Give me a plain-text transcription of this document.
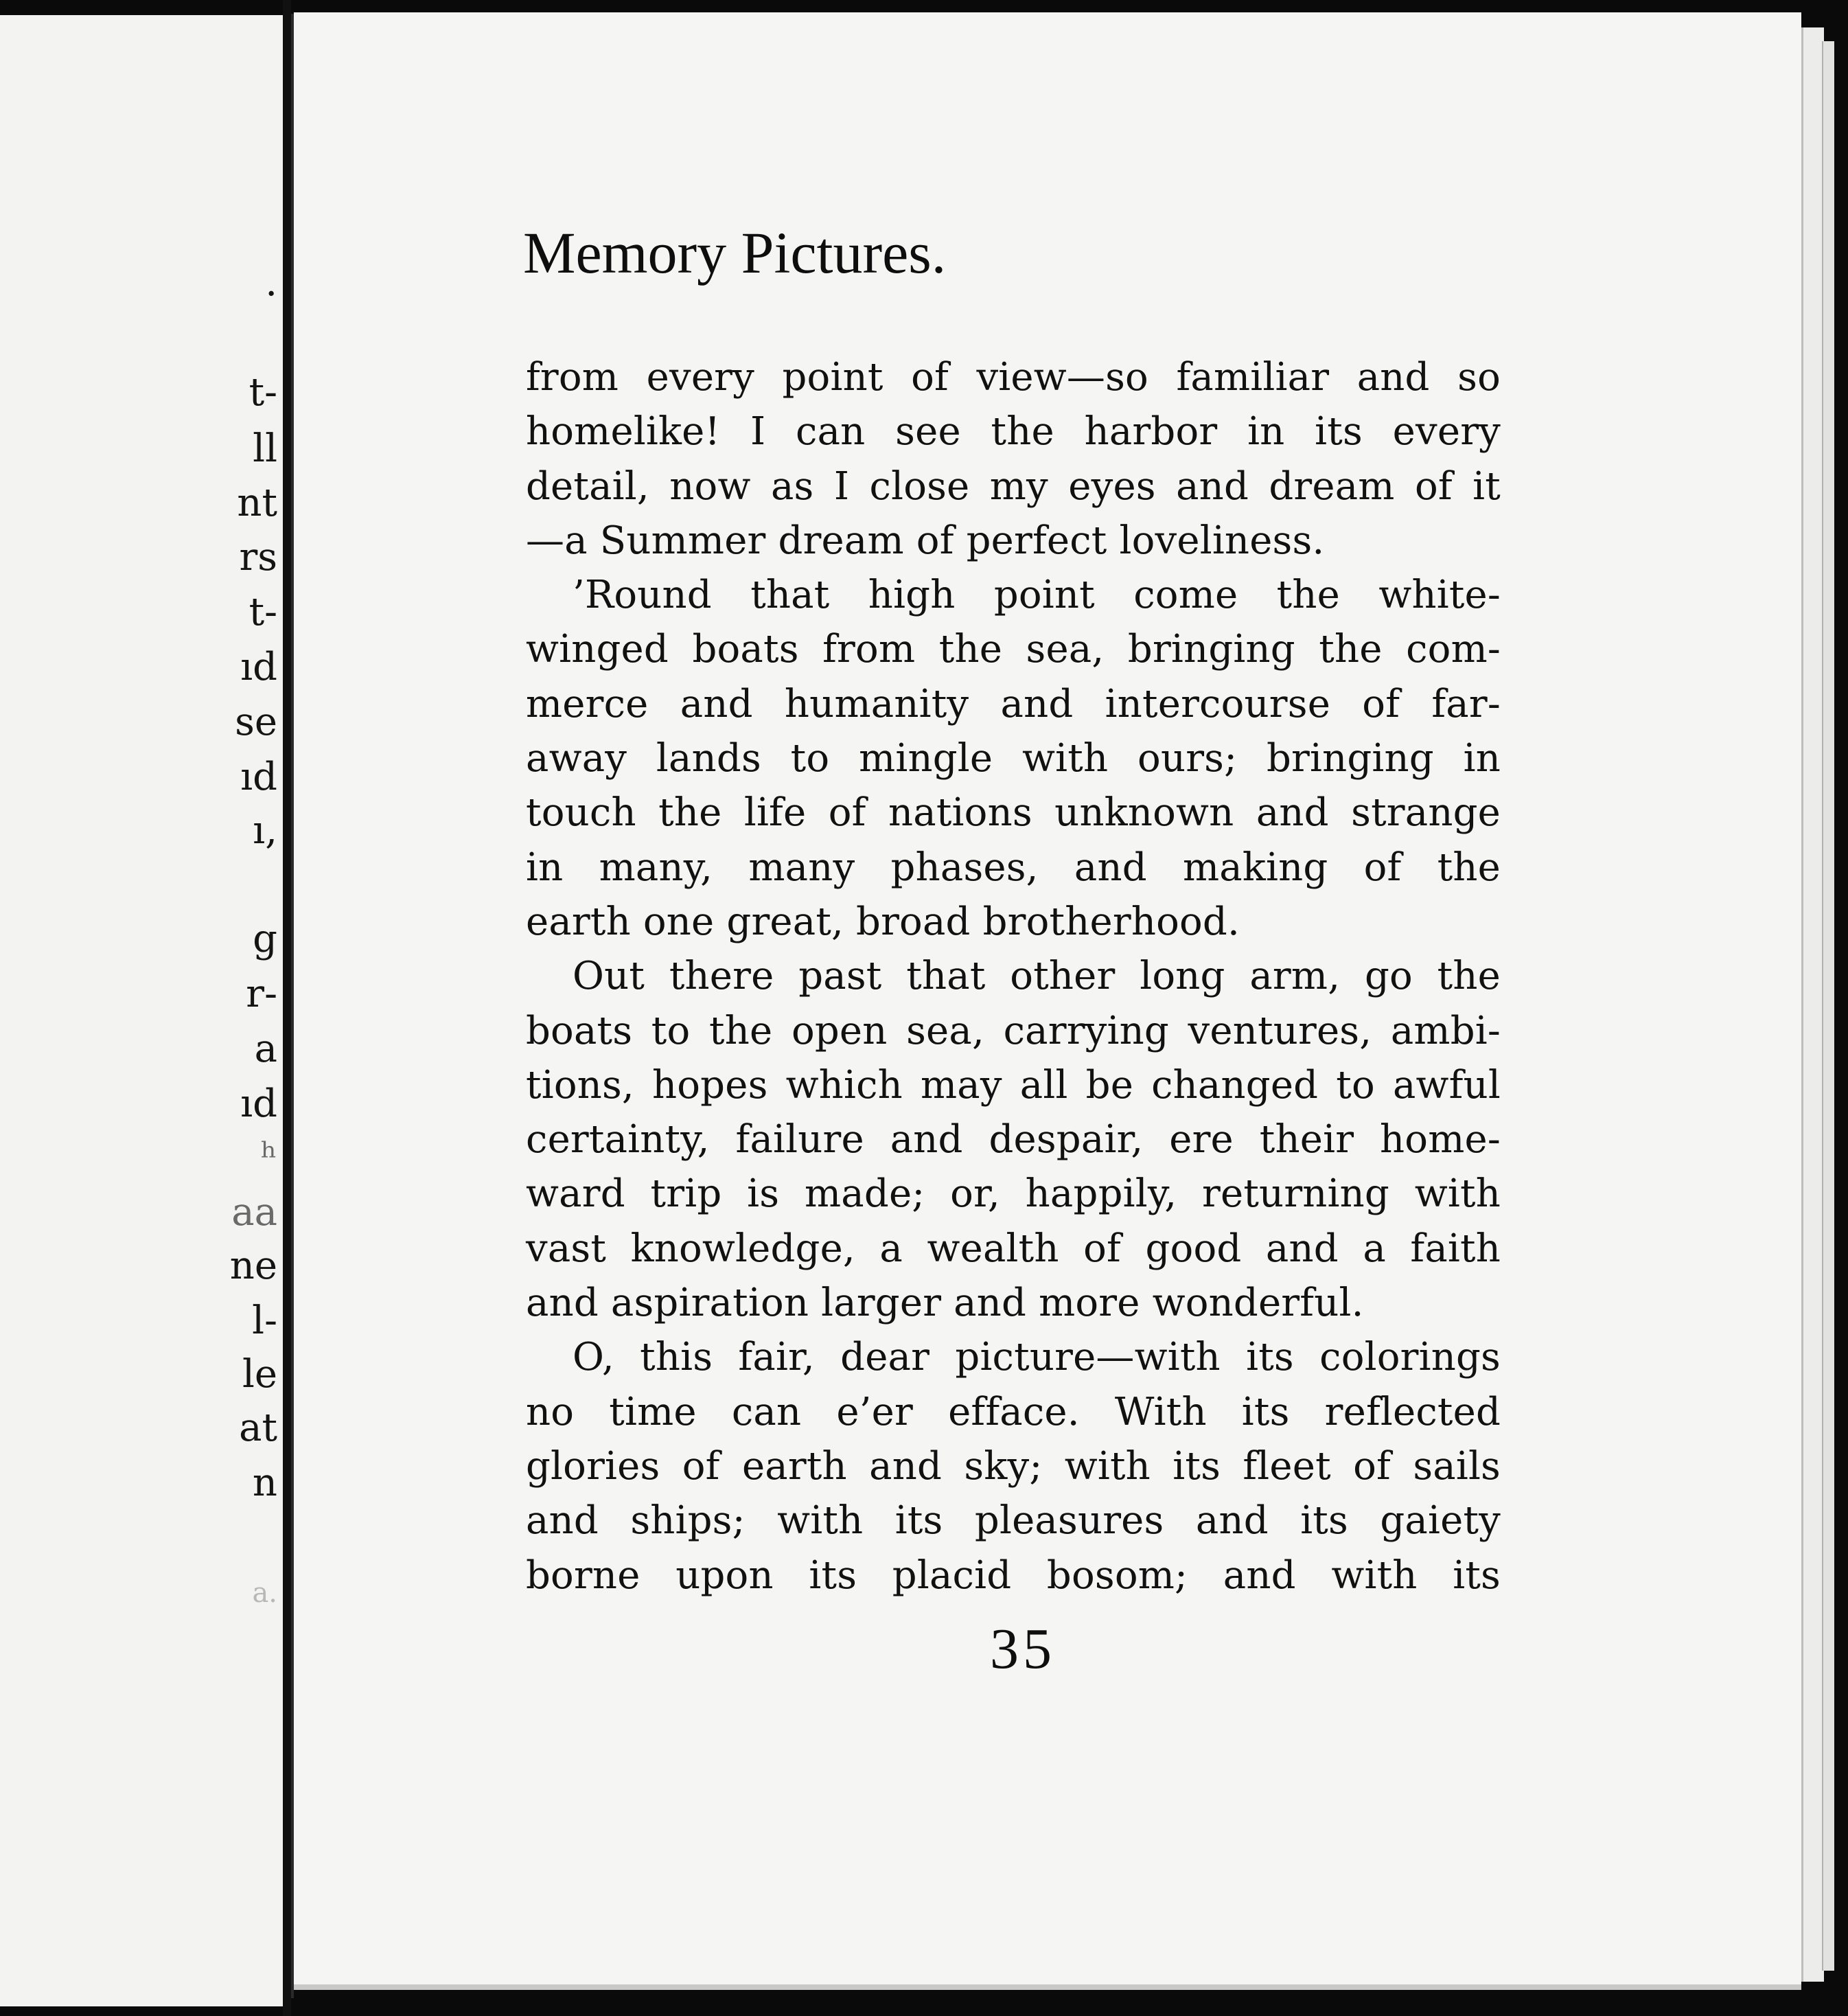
.
t-
ll
nt
rs
t-
ıd
se
ıd
ı,
g
r-
a
ıd
ʰ
aa
ne
l-
le
at
n
a.
Memory Pictures.
from every point of view—so familiar and so
homelike! I can see the harbor in its every
detail, now as I close my eyes and dream of it
—a Summer dream of perfect loveliness.
’Round that high point come the white-
winged boats from the sea, bringing the com-
merce and humanity and intercourse of far-
away lands to mingle with ours; bringing in
touch the life of nations unknown and strange
in many, many phases, and making of the
earth one great, broad brotherhood.
Out there past that other long arm, go the
boats to the open sea, carrying ventures, ambi-
tions, hopes which may all be changed to awful
certainty, failure and despair, ere their home-
ward trip is made; or, happily, returning with
vast knowledge, a wealth of good and a faith
and aspiration larger and more wonderful.
O, this fair, dear picture—with its colorings
no time can e’er efface. With its reflected
glories of earth and sky; with its fleet of sails
and ships; with its pleasures and its gaiety
borne upon its placid bosom; and with its
35
